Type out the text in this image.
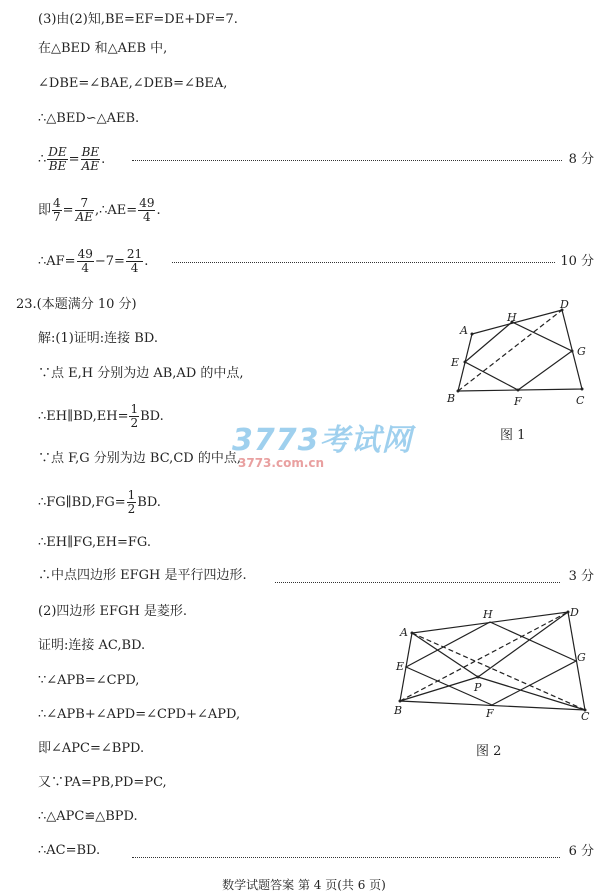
(3)由(2)知,BE=EF=DE+DF=7.
在△BED 和△AEB 中,
∠DBE=∠BAE,∠DEB=∠BEA,
∴△BED∽△AEB.
∴ $\frac{DE}{BE} = \frac{BE}{AE}$ .	8 分
即 $\frac{4}{7} = \frac{7}{AE}$ ,∴AE= $\frac{49}{4}$ .
∴AF= $\frac{49}{4} -7= \frac{21}{4}$ .	10 分
23.(本题满分 10 分)
解:(1)证明:连接 BD.
∵点 E,H 分别为边 AB,AD 的中点,
∴EH∥BD,EH= $\frac{1}{2}$ BD.
∵点 F,G 分别为边 BC,CD 的中点,
∴FG∥BD,FG= $\frac{1}{2}$ BD.
∴EH∥FG,EH=FG.
∴中点四边形 EFGH 是平行四边形.	3 分
(2)四边形 EFGH 是菱形.
证明:连接 AC,BD.
∵∠APB=∠CPD,
∴∠APB+∠APD=∠CPD+∠APD,
即∠APC=∠BPD.
又∵PA=PB,PD=PC,
∴△APC≌△BPD.
∴AC=BD.	6 分
A
B	C
D
E
F
G
H
图 1
A
B	C
D
E
F
G
H
P
图 2
3773考试网
3773.com.cn
数学试题答案 第 4 页(共 6 页)
